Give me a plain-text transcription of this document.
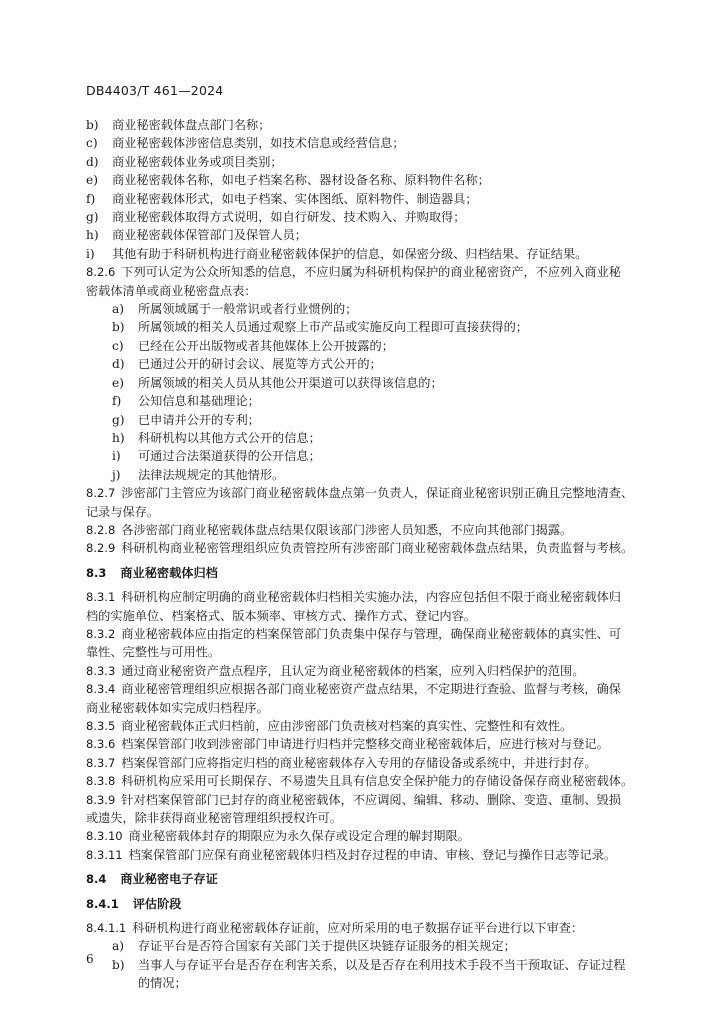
DB4403/T 461—2024
b)	商业秘密载体盘点部门名称；
c)	商业秘密载体涉密信息类别，如技术信息或经营信息；
d)	商业秘密载体业务或项目类别；
e)	商业秘密载体名称，如电子档案名称、器材设备名称、原料物件名称；
f)	商业秘密载体形式，如电子档案、实体图纸、原料物件、制造器具；
g)	商业秘密载体取得方式说明，如自行研发、技术购入、并购取得；
h)	商业秘密载体保管部门及保管人员；
i)	其他有助于科研机构进行商业秘密载体保护的信息，如保密分级、归档结果、存证结果。
8.2.6 下列可认定为公众所知悉的信息，不应归属为科研机构保护的商业秘密资产，不应列入商业秘
密载体清单或商业秘密盘点表：
a)	所属领域属于一般常识或者行业惯例的；
b)	所属领域的相关人员通过观察上市产品或实施反向工程即可直接获得的；
c)	已经在公开出版物或者其他媒体上公开披露的；
d)	已通过公开的研讨会议、展览等方式公开的；
e)	所属领域的相关人员从其他公开渠道可以获得该信息的；
f)	公知信息和基础理论；
g)	已申请并公开的专利；
h)	科研机构以其他方式公开的信息；
i)	可通过合法渠道获得的公开信息；
j)	法律法规规定的其他情形。
8.2.7 涉密部门主管应为该部门商业秘密载体盘点第一负责人，保证商业秘密识别正确且完整地清查、
记录与保存。
8.2.8 各涉密部门商业秘密载体盘点结果仅限该部门涉密人员知悉，不应向其他部门揭露。
8.2.9 科研机构商业秘密管理组织应负责管控所有涉密部门商业秘密载体盘点结果，负责监督与考核。
8.3 商业秘密载体归档
8.3.1 科研机构应制定明确的商业秘密载体归档相关实施办法，内容应包括但不限于商业秘密载体归
档的实施单位、档案格式、版本频率、审核方式、操作方式、登记内容。
8.3.2 商业秘密载体应由指定的档案保管部门负责集中保存与管理，确保商业秘密载体的真实性、可
靠性、完整性与可用性。
8.3.3 通过商业秘密资产盘点程序，且认定为商业秘密载体的档案，应列入归档保护的范围。
8.3.4 商业秘密管理组织应根据各部门商业秘密资产盘点结果，不定期进行查验、监督与考核，确保
商业秘密载体如实完成归档程序。
8.3.5 商业秘密载体正式归档前，应由涉密部门负责核对档案的真实性、完整性和有效性。
8.3.6 档案保管部门收到涉密部门申请进行归档并完整移交商业秘密载体后，应进行核对与登记。
8.3.7 档案保管部门应将指定归档的商业秘密载体存入专用的存储设备或系统中，并进行封存。
8.3.8 科研机构应采用可长期保存、不易遗失且具有信息安全保护能力的存储设备保存商业秘密载体。
8.3.9 针对档案保管部门已封存的商业秘密载体，不应调阅、编辑、移动、删除、变造、重制、毁损
或遗失，除非获得商业秘密管理组织授权许可。
8.3.10 商业秘密载体封存的期限应为永久保存或设定合理的解封期限。
8.3.11 档案保管部门应保有商业秘密载体归档及封存过程的申请、审核、登记与操作日志等记录。
8.4 商业秘密电子存证
8.4.1 评估阶段
8.4.1.1 科研机构进行商业秘密载体存证前，应对所采用的电子数据存证平台进行以下审查：
a)	存证平台是否符合国家有关部门关于提供区块链存证服务的相关规定；
b)	当事人与存证平台是否存在利害关系，以及是否存在利用技术手段不当干预取证、存证过程
的情况；
6
